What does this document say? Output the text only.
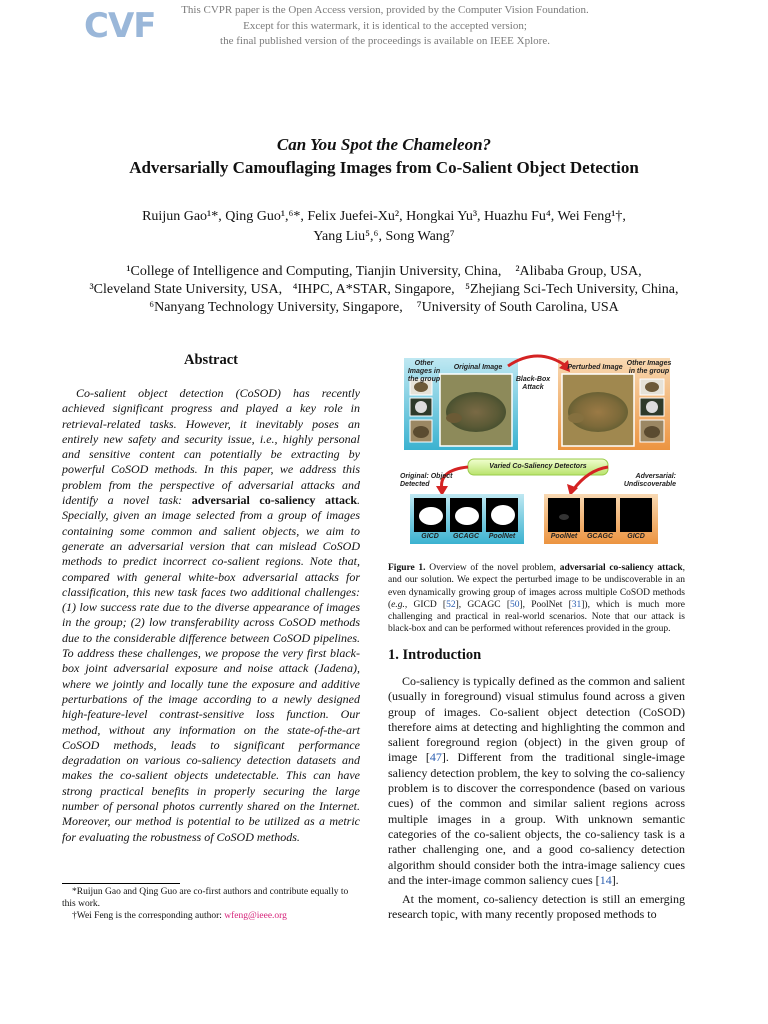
CVF	This CVPR paper is the Open Access version, provided by the Computer Vision Foundation.
Except for this watermark, it is identical to the accepted version;
the final published version of the proceedings is available on IEEE Xplore.
Can You Spot the Chameleon?
Adversarially Camouflaging Images from Co-Salient Object Detection
Ruijun Gao¹*, Qing Guo¹,⁶*, Felix Juefei-Xu², Hongkai Yu³, Huazhu Fu⁴, Wei Feng¹†,
Yang Liu⁵,⁶, Song Wang⁷
¹College of Intelligence and Computing, Tianjin University, China, ²Alibaba Group, USA,
³Cleveland State University, USA, ⁴IHPC, A*STAR, Singapore, ⁵Zhejiang Sci-Tech University, China,
⁶Nanyang Technology University, Singapore, ⁷University of South Carolina, USA
Abstract
Co-salient object detection (CoSOD) has recently achieved significant progress and played a key role in retrieval-related tasks. However, it inevitably poses an entirely new safety and security issue, i.e., highly personal and sensitive content can potentially be extracting by powerful CoSOD methods. In this paper, we address this problem from the perspective of adversarial attacks and identify a novel task: adversarial co-saliency attack. Specially, given an image selected from a group of images containing some common and salient objects, we aim to generate an adversarial version that can mislead CoSOD methods to predict incorrect co-salient regions. Note that, compared with general white-box adversarial attacks for classification, this new task faces two additional challenges: (1) low success rate due to the diverse appearance of images in the group; (2) low transferability across CoSOD methods due to the considerable difference between CoSOD pipelines. To address these challenges, we propose the very first black-box joint adversarial exposure and noise attack (Jadena), where we jointly and locally tune the exposure and additive perturbations of the image according to a newly designed high-feature-level contrast-sensitive loss function. Our method, without any information on the state-of-the-art CoSOD methods, leads to significant performance degradation on various co-saliency detection datasets and makes the co-salient objects undetectable. This can have strong practical benefits in properly securing the large number of personal photos currently shared on the Internet. Moreover, our method is potential to be utilized as a metric for evaluating the robustness of CoSOD methods.
*Ruijun Gao and Qing Guo are co-first authors and contribute equally to this work.
†Wei Feng is the corresponding author: wfeng@ieee.org
Other Images in the group
Original Image
Black-Box Attack
Perturbed Image
Other Images in the group
Varied Co-Saliency Detectors
Original: Object Detected
Adversarial: Undiscoverable
GICD	GCAGC	PoolNet	PoolNet	GCAGC	GICD
Figure 1. Overview of the novel problem, adversarial co-saliency attack, and our solution. We expect the perturbed image to be undiscoverable in an even dynamically growing group of images across multiple CoSOD methods (e.g., GICD [52], GCAGC [50], PoolNet [31]), which is much more challenging and practical in real-world scenarios. Note that our attack is black-box and can be performed without references provided in the group.
1. Introduction
Co-saliency is typically defined as the common and salient (usually in foreground) visual stimulus found across a given group of images. Co-salient object detection (CoSOD) therefore aims at detecting and highlighting the common and salient foreground region (object) in the given group of image [47]. Different from the traditional single-image saliency detection problem, the key to solving the co-saliency problem is to discover the correspondence (based on various cues) of the common and similar salient regions across multiple images in a group. With unknown semantic categories of the co-salient objects, the co-saliency task is a rather challenging one, and a good co-saliency detection algorithm should consider both the intra-image saliency cues and the inter-image common saliency cues [14].
At the moment, co-saliency detection is still an emerging research topic, with many recently proposed methods to
